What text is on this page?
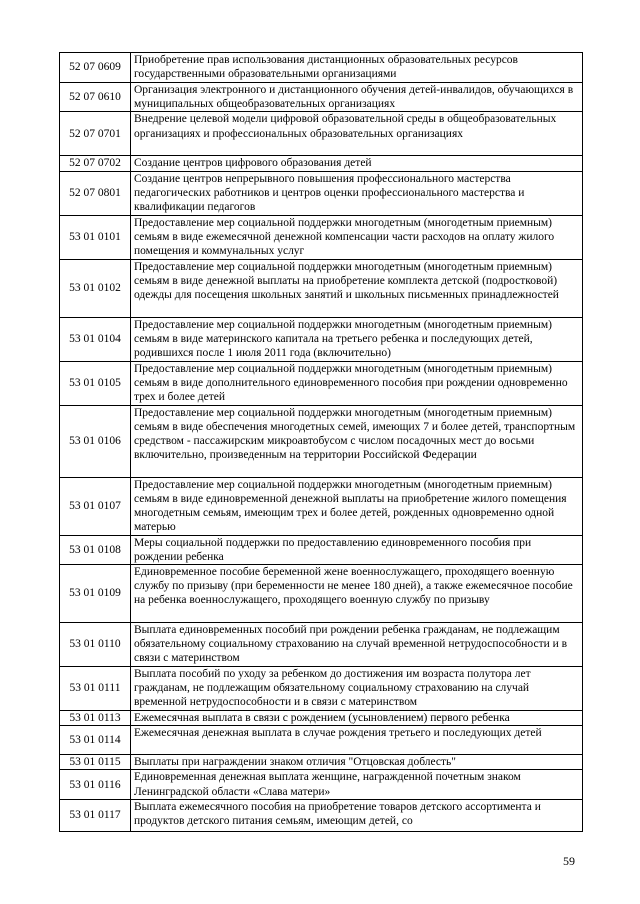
52 07 0609	Приобретение прав использования дистанционных образовательных ресурсов государственными образовательными организациями
52 07 0610	Организация электронного и дистанционного обучения детей-инвалидов, обучающихся в муниципальных общеобразовательных организациях
52 07 0701	Внедрение целевой модели цифровой образовательной среды в общеобразовательных организациях и профессиональных образовательных организациях
52 07 0702	Создание центров цифрового образования детей
52 07 0801	Создание центров непрерывного повышения профессионального мастерства педагогических работников и центров оценки профессионального мастерства и квалификации педагогов
53 01 0101	Предоставление мер социальной поддержки многодетным (многодетным приемным) семьям в виде ежемесячной денежной компенсации части расходов на оплату жилого помещения и коммунальных услуг
53 01 0102	Предоставление мер социальной поддержки многодетным (многодетным приемным) семьям в виде денежной выплаты на приобретение комплекта детской (подростковой) одежды для посещения школьных занятий и школьных письменных принадлежностей
53 01 0104	Предоставление мер социальной поддержки многодетным (многодетным приемным) семьям в виде материнского капитала на третьего ребенка и последующих детей, родившихся после 1 июля 2011 года (включительно)
53 01 0105	Предоставление мер социальной поддержки многодетным (многодетным приемным) семьям в виде дополнительного единовременного пособия при рождении одновременно трех и более детей
53 01 0106	Предоставление мер социальной поддержки многодетным (многодетным приемным) семьям в виде обеспечения многодетных семей, имеющих 7 и более детей, транспортным средством - пассажирским микроавтобусом с числом посадочных мест до восьми включительно, произведенным на территории Российской Федерации
53 01 0107	Предоставление мер социальной поддержки многодетным (многодетным приемным) семьям в виде единовременной денежной выплаты на приобретение жилого помещения многодетным семьям, имеющим трех и более детей, рожденных одновременно одной матерью
53 01 0108	Меры социальной поддержки по предоставлению единовременного пособия при рождении ребенка
53 01 0109	Единовременное пособие беременной жене военнослужащего, проходящего военную службу по призыву (при беременности не менее 180 дней), а также ежемесячное пособие на ребенка военнослужащего, проходящего военную службу по призыву
53 01 0110	Выплата единовременных пособий при рождении ребенка гражданам, не подлежащим обязательному социальному страхованию на случай временной нетрудоспособности и в связи с материнством
53 01 0111	Выплата пособий по уходу за ребенком до достижения им возраста полутора лет гражданам, не подлежащим обязательному социальному страхованию на случай временной нетрудоспособности и в связи с материнством
53 01 0113	Ежемесячная выплата в связи с рождением (усыновлением) первого ребенка
53 01 0114	Ежемесячная денежная выплата в случае рождения третьего и последующих детей
53 01 0115	Выплаты при награждении знаком отличия "Отцовская доблесть"
53 01 0116	Единовременная денежная выплата женщине, награжденной почетным знаком Ленинградской области «Слава матери»
53 01 0117	Выплата ежемесячного пособия на приобретение товаров детского ассортимента и продуктов детского питания семьям, имеющим детей, со
59
